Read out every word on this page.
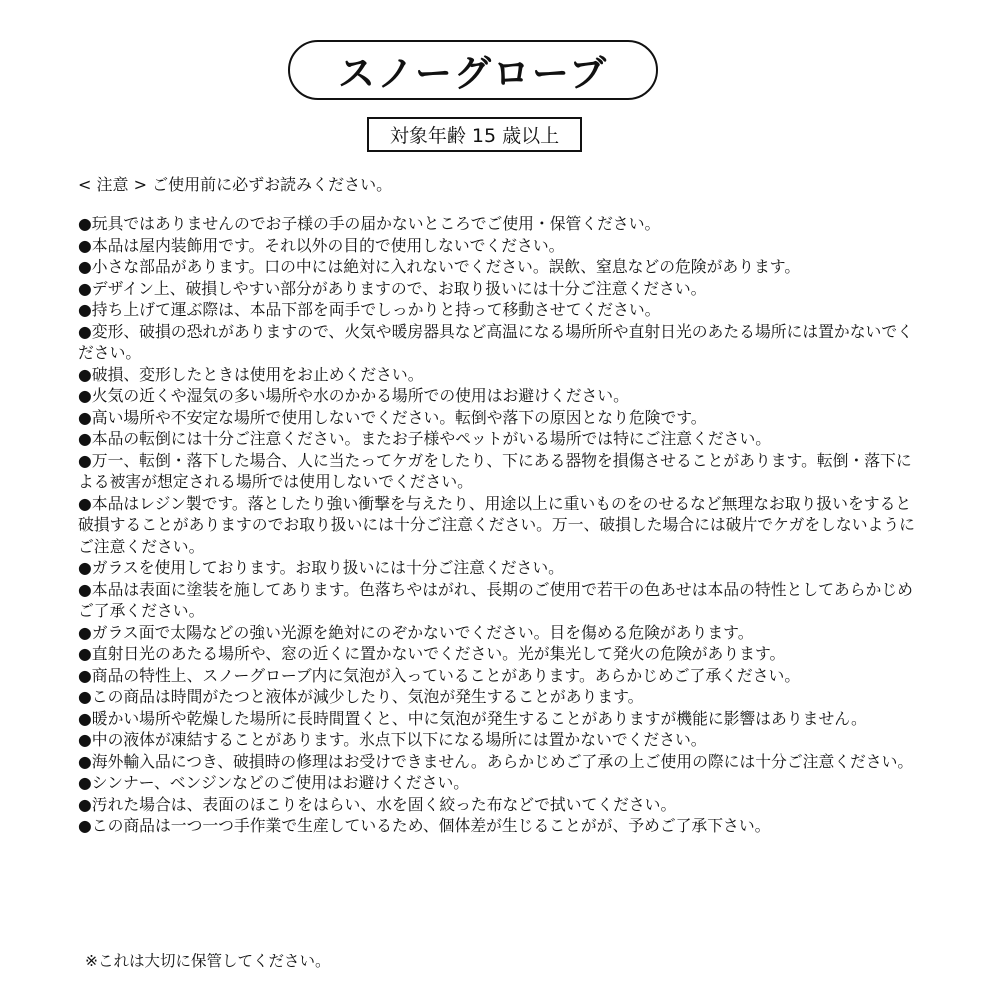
スノーグローブ
対象年齢 15 歳以上
< 注意 > ご使用前に必ずお読みください。
●玩具ではありませんのでお子様の手の届かないところでご使用・保管ください。
●本品は屋内装飾用です。それ以外の目的で使用しないでください。
●小さな部品があります。口の中には絶対に入れないでください。誤飲、窒息などの危険があります。
●デザイン上、破損しやすい部分がありますので、お取り扱いには十分ご注意ください。
●持ち上げて運ぶ際は、本品下部を両手でしっかりと持って移動させてください。
●変形、破損の恐れがありますので、火気や暖房器具など高温になる場所所や直射日光のあたる場所には置かないでください。
●破損、変形したときは使用をお止めください。
●火気の近くや湿気の多い場所や水のかかる場所での使用はお避けください。
●高い場所や不安定な場所で使用しないでください。転倒や落下の原因となり危険です。
●本品の転倒には十分ご注意ください。またお子様やペットがいる場所では特にご注意ください。
●万一、転倒・落下した場合、人に当たってケガをしたり、下にある器物を損傷させることがあります。転倒・落下による被害が想定される場所では使用しないでください。
●本品はレジン製です。落としたり強い衝撃を与えたり、用途以上に重いものをのせるなど無理なお取り扱いをすると破損することがありますのでお取り扱いには十分ご注意ください。万一、破損した場合には破片でケガをしないようにご注意ください。
●ガラスを使用しております。お取り扱いには十分ご注意ください。
●本品は表面に塗装を施してあります。色落ちやはがれ、長期のご使用で若干の色あせは本品の特性としてあらかじめご了承ください。
●ガラス面で太陽などの強い光源を絶対にのぞかないでください。目を傷める危険があります。
●直射日光のあたる場所や、窓の近くに置かないでください。光が集光して発火の危険があります。
●商品の特性上、スノーグローブ内に気泡が入っていることがあります。あらかじめご了承ください。
●この商品は時間がたつと液体が減少したり、気泡が発生することがあります。
●暖かい場所や乾燥した場所に長時間置くと、中に気泡が発生することがありますが機能に影響はありません。
●中の液体が凍結することがあります。氷点下以下になる場所には置かないでください。
●海外輸入品につき、破損時の修理はお受けできません。あらかじめご了承の上ご使用の際には十分ご注意ください。
●シンナー、ベンジンなどのご使用はお避けください。
●汚れた場合は、表面のほこりをはらい、水を固く絞った布などで拭いてください。
●この商品は一つ一つ手作業で生産しているため、個体差が生じることがが、予めご了承下さい。
※これは大切に保管してください。
